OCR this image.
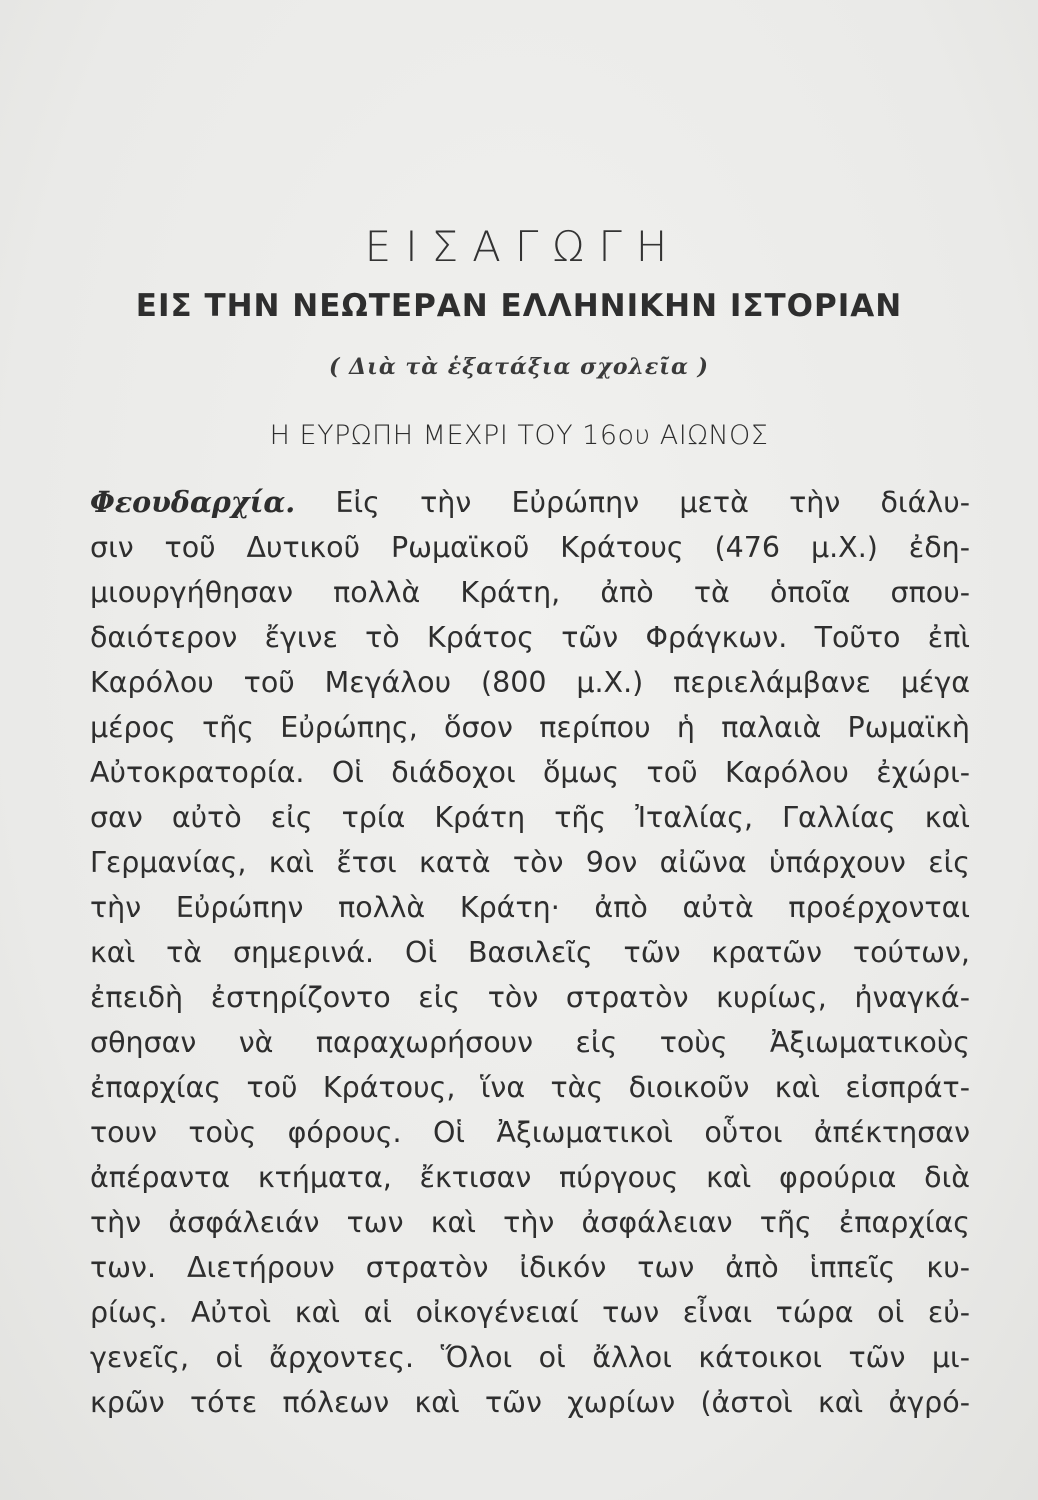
ΕΙΣΑΓΩΓΗ
ΕΙΣ ΤΗΝ ΝΕΩΤΕΡΑΝ ΕΛΛΗΝΙΚΗΝ ΙΣΤΟΡΙΑΝ

( Διὰ τὰ ἑξατάξια σχολεῖα )

Η ΕΥΡΩΠΗ ΜΕΧΡΙ ΤΟΥ 16ου ΑΙΩΝΟΣ
Φεουδαρχία. Εἰς τὴν Εὐρώπην μετὰ τὴν διάλυ-
σιν τοῦ Δυτικοῦ Ρωμαϊκοῦ Κράτους (476 μ.Χ.) ἐδη-
μιουργήθησαν πολλὰ Κράτη, ἀπὸ τὰ ὁποῖα σπου-
δαιότερον ἔγινε τὸ Κράτος τῶν Φράγκων. Τοῦτο ἐπὶ
Καρόλου τοῦ Μεγάλου (800 μ.Χ.) περιελάμβανε μέγα
μέρος τῆς Εὐρώπης, ὅσον περίπου ἡ παλαιὰ Ρωμαϊκὴ
Αὐτοκρατορία. Οἱ διάδοχοι ὅμως τοῦ Καρόλου ἐχώρι-
σαν αὐτὸ εἰς τρία Κράτη τῆς Ἰταλίας, Γαλλίας καὶ
Γερμανίας, καὶ ἔτσι κατὰ τὸν 9ον αἰῶνα ὑπάρχουν εἰς
τὴν Εὐρώπην πολλὰ Κράτη· ἀπὸ αὐτὰ προέρχονται
καὶ τὰ σημερινά. Οἱ Βασιλεῖς τῶν κρατῶν τούτων,
ἐπειδὴ ἐστηρίζοντο εἰς τὸν στρατὸν κυρίως, ἠναγκά-
σθησαν νὰ παραχωρήσουν εἰς τοὺς Ἀξιωματικοὺς
ἐπαρχίας τοῦ Κράτους, ἵνα τὰς διοικοῦν καὶ εἰσπράτ-
τουν τοὺς φόρους. Οἱ Ἀξιωματικοὶ οὗτοι ἀπέκτησαν
ἀπέραντα κτήματα, ἔκτισαν πύργους καὶ φρούρια διὰ
τὴν ἀσφάλειάν των καὶ τὴν ἀσφάλειαν τῆς ἐπαρχίας
των. Διετήρουν στρατὸν ἰδικόν των ἀπὸ ἱππεῖς κυ-
ρίως. Αὐτοὶ καὶ αἱ οἰκογένειαί των εἶναι τώρα οἱ εὐ-
γενεῖς, οἱ ἄρχοντες. Ὅλοι οἱ ἄλλοι κάτοικοι τῶν μι-
κρῶν τότε πόλεων καὶ τῶν χωρίων (ἀστοὶ καὶ ἀγρό-
